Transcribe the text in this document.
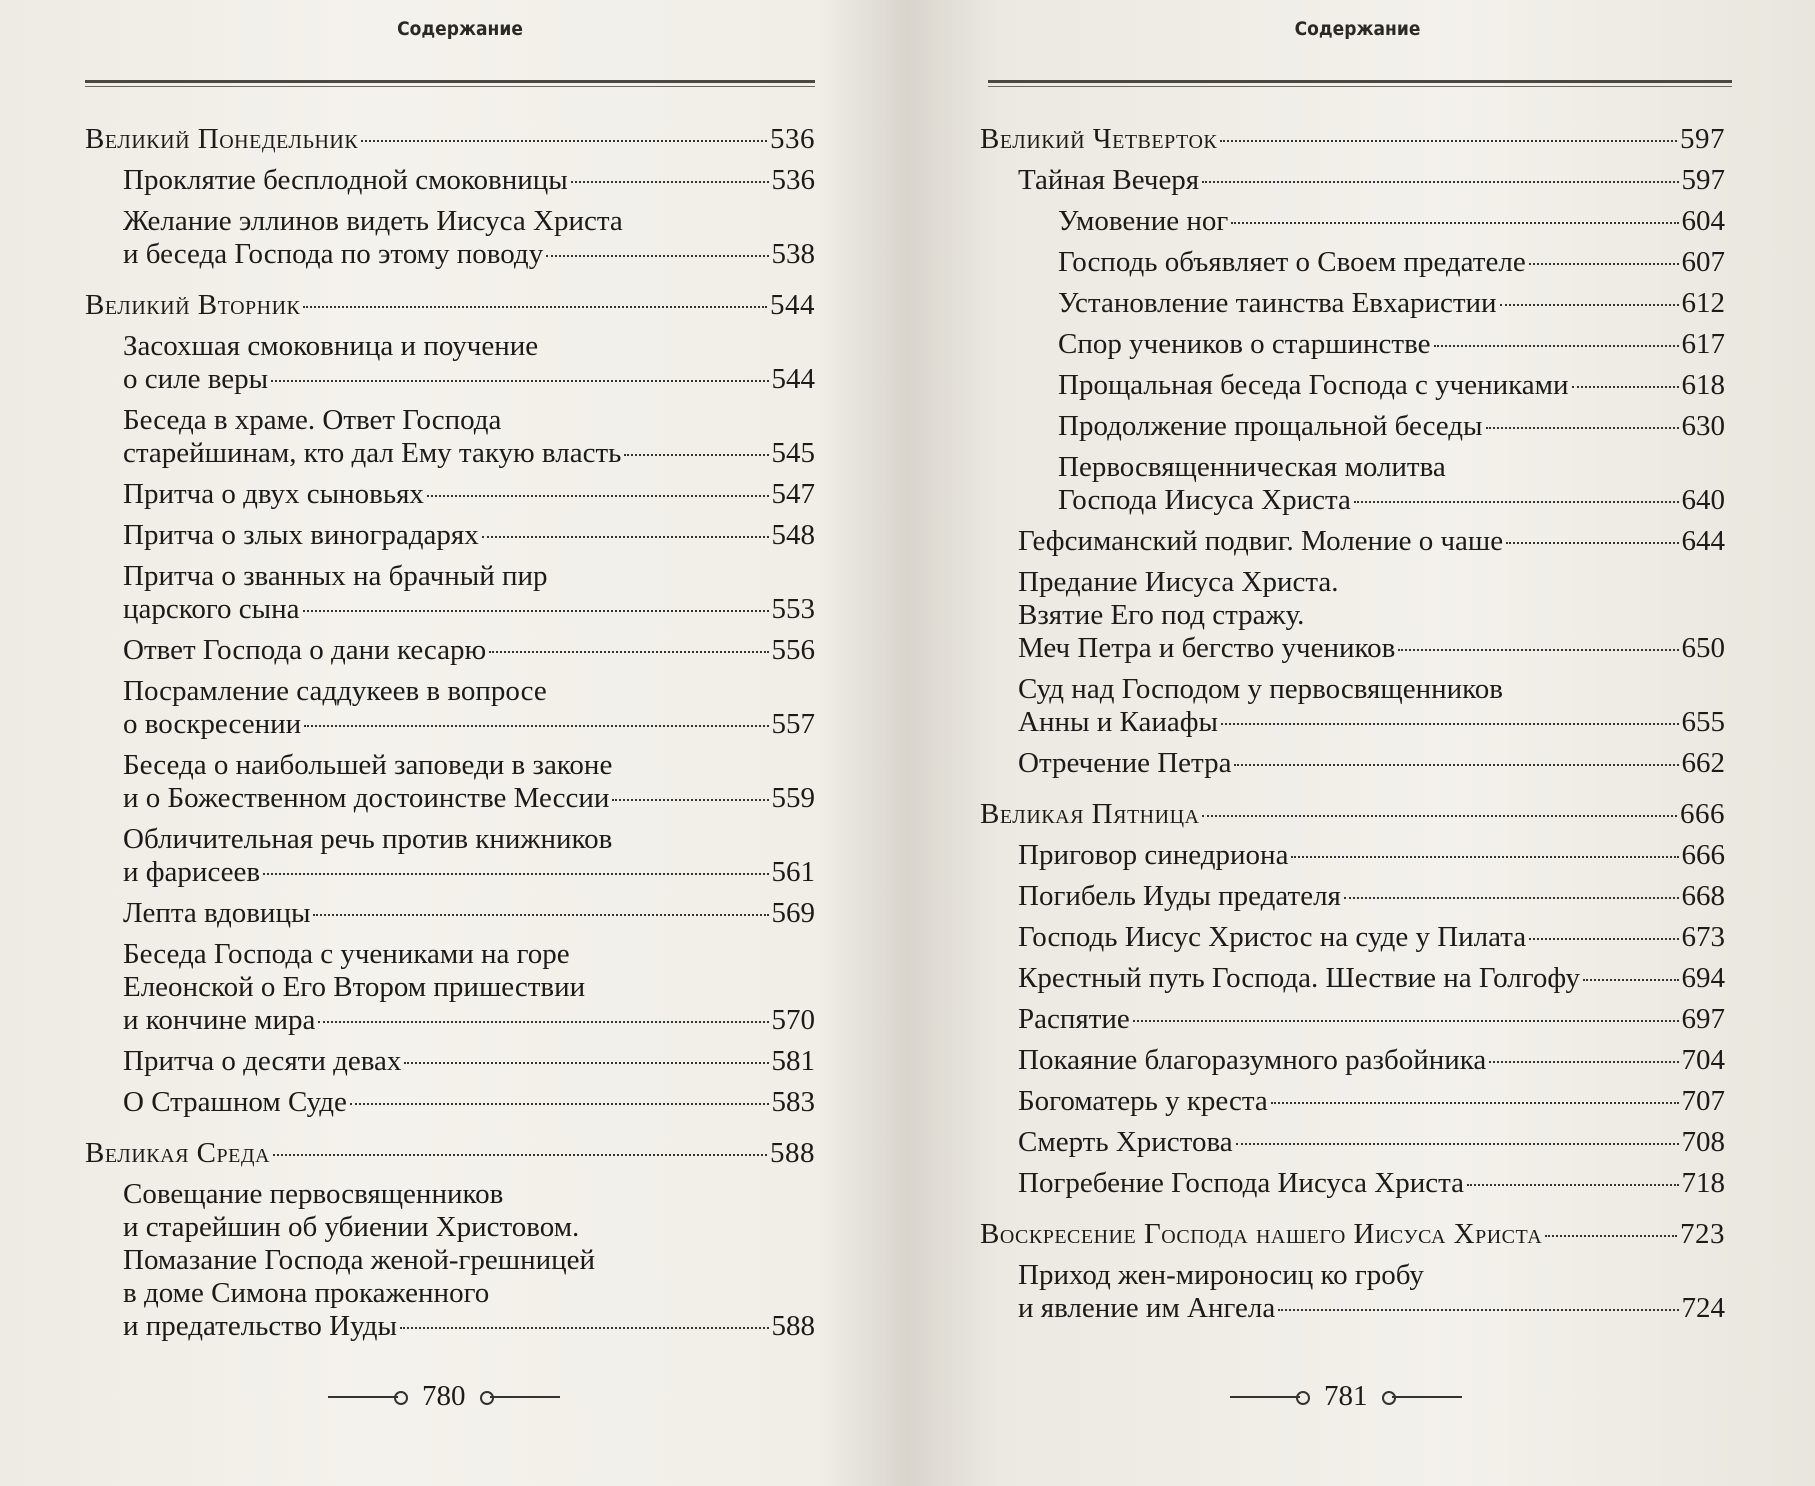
Содержание
Великий Понедельник	536
Проклятие бесплодной смоковницы	536
Желание эллинов видеть Иисуса Христа
и беседа Господа по этому поводу	538
Великий Вторник	544
Засохшая смоковница и поучение
о силе веры	544
Беседа в храме. Ответ Господа
старейшинам, кто дал Ему такую власть	545
Притча о двух сыновьях	547
Притча о злых виноградарях	548
Притча о званных на брачный пир
царского сына	553
Ответ Господа о дани кесарю	556
Посрамление саддукеев в вопросе
о воскресении	557
Беседа о наибольшей заповеди в законе
и о Божественном достоинстве Мессии	559
Обличительная речь против книжников
и фарисеев	561
Лепта вдовицы	569
Беседа Господа с учениками на горе
Елеонской о Его Втором пришествии
и кончине мира	570
Притча о десяти девах	581
О Страшном Суде	583
Великая Среда	588
Совещание первосвященников
и старейшин об убиении Христовом.
Помазание Господа женой-грешницей
в доме Симона прокаженного
и предательство Иуды	588
780
Содержание
Великий Четверток	597
Тайная Вечеря	597
Умовение ног	604
Господь объявляет о Своем предателе	607
Установление таинства Евхаристии	612
Спор учеников о старшинстве	617
Прощальная беседа Господа с учениками	618
Продолжение прощальной беседы	630
Первосвященническая молитва
Господа Иисуса Христа	640
Гефсиманский подвиг. Моление о чаше	644
Предание Иисуса Христа.
Взятие Его под стражу.
Меч Петра и бегство учеников	650
Суд над Господом у первосвященников
Анны и Каиафы	655
Отречение Петра	662
Великая Пятница	666
Приговор синедриона	666
Погибель Иуды предателя	668
Господь Иисус Христос на суде у Пилата	673
Крестный путь Господа. Шествие на Голгофу	694
Распятие	697
Покаяние благоразумного разбойника	704
Богоматерь у креста	707
Смерть Христова	708
Погребение Господа Иисуса Христа	718
Воскресение Господа нашего Иисуса Христа	723
Приход жен-мироносиц ко гробу
и явление им Ангела	724
781
